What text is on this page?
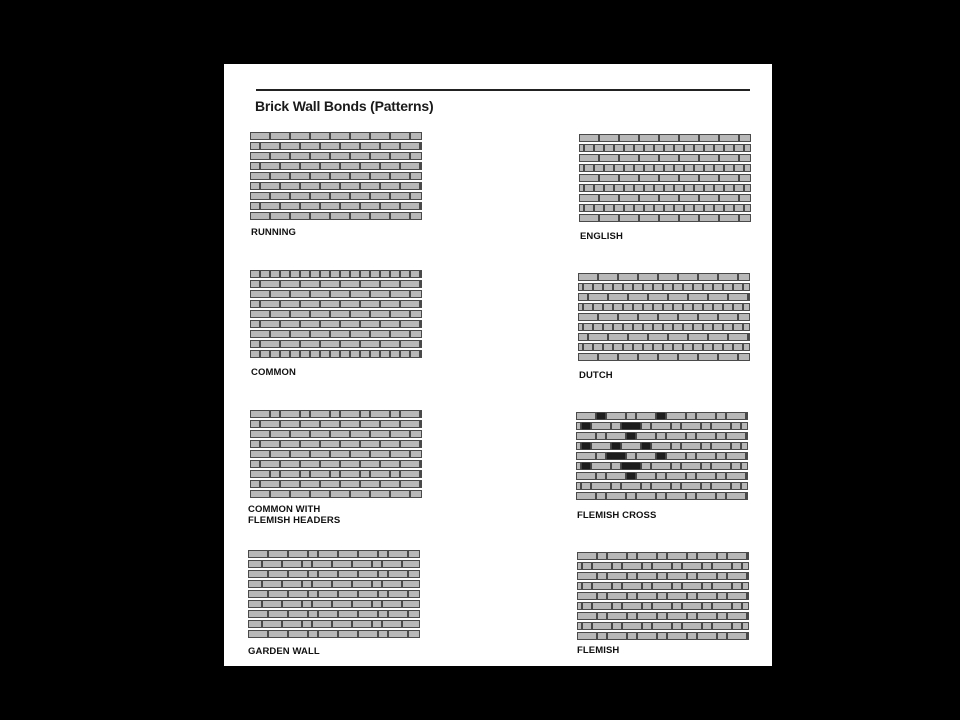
Brick Wall Bonds (Patterns)
RUNNING
COMMON
COMMON WITH
FLEMISH HEADERS
GARDEN WALL
ENGLISH
DUTCH
FLEMISH CROSS
FLEMISH
